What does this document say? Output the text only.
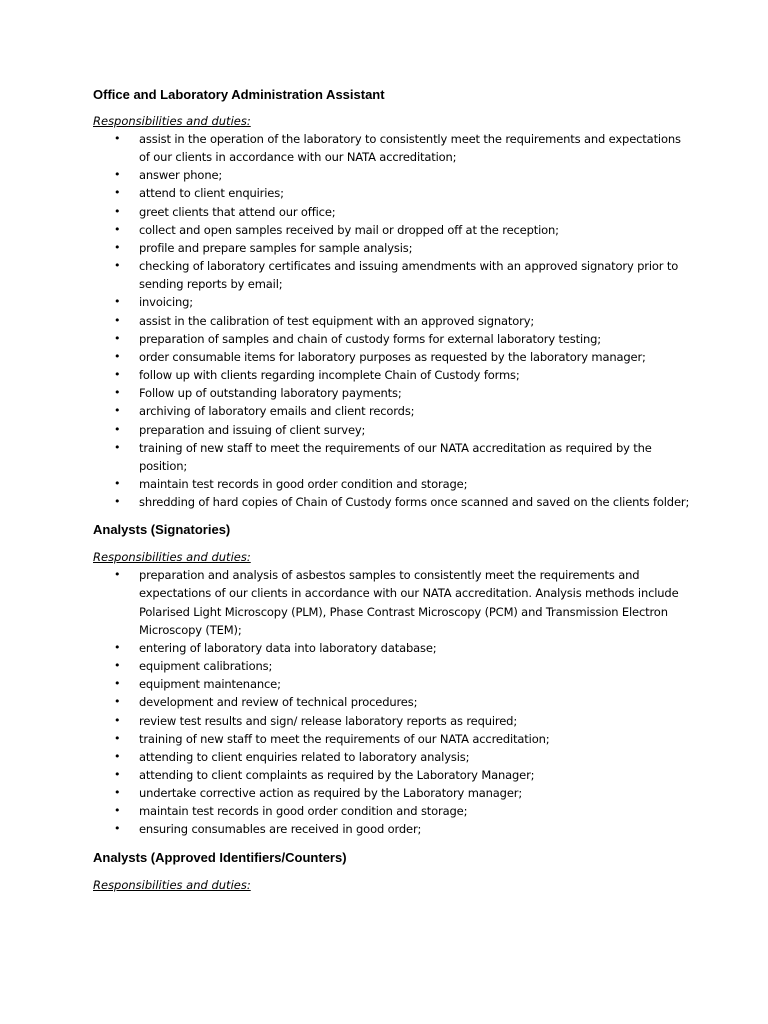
Office and Laboratory Administration Assistant

Responsibilities and duties:

• assist in the operation of the laboratory to consistently meet the requirements and expectations of our clients in accordance with our NATA accreditation;
• answer phone;
• attend to client enquiries;
• greet clients that attend our office;
• collect and open samples received by mail or dropped off at the reception;
• profile and prepare samples for sample analysis;
• checking of laboratory certificates and issuing amendments with an approved signatory prior to sending reports by email;
• invoicing;
• assist in the calibration of test equipment with an approved signatory;
• preparation of samples and chain of custody forms for external laboratory testing;
• order consumable items for laboratory purposes as requested by the laboratory manager;
• follow up with clients regarding incomplete Chain of Custody forms;
• Follow up of outstanding laboratory payments;
• archiving of laboratory emails and client records;
• preparation and issuing of client survey;
• training of new staff to meet the requirements of our NATA accreditation as required by the position;
• maintain test records in good order condition and storage;
• shredding of hard copies of Chain of Custody forms once scanned and saved on the clients folder;

Analysts (Signatories)

Responsibilities and duties:

• preparation and analysis of asbestos samples to consistently meet the requirements and expectations of our clients in accordance with our NATA accreditation. Analysis methods include Polarised Light Microscopy (PLM), Phase Contrast Microscopy (PCM) and Transmission Electron Microscopy (TEM);
• entering of laboratory data into laboratory database;
• equipment calibrations;
• equipment maintenance;
• development and review of technical procedures;
• review test results and sign/ release laboratory reports as required;
• training of new staff to meet the requirements of our NATA accreditation;
• attending to client enquiries related to laboratory analysis;
• attending to client complaints as required by the Laboratory Manager;
• undertake corrective action as required by the Laboratory manager;
• maintain test records in good order condition and storage;
• ensuring consumables are received in good order;

Analysts (Approved Identifiers/Counters)

Responsibilities and duties:
